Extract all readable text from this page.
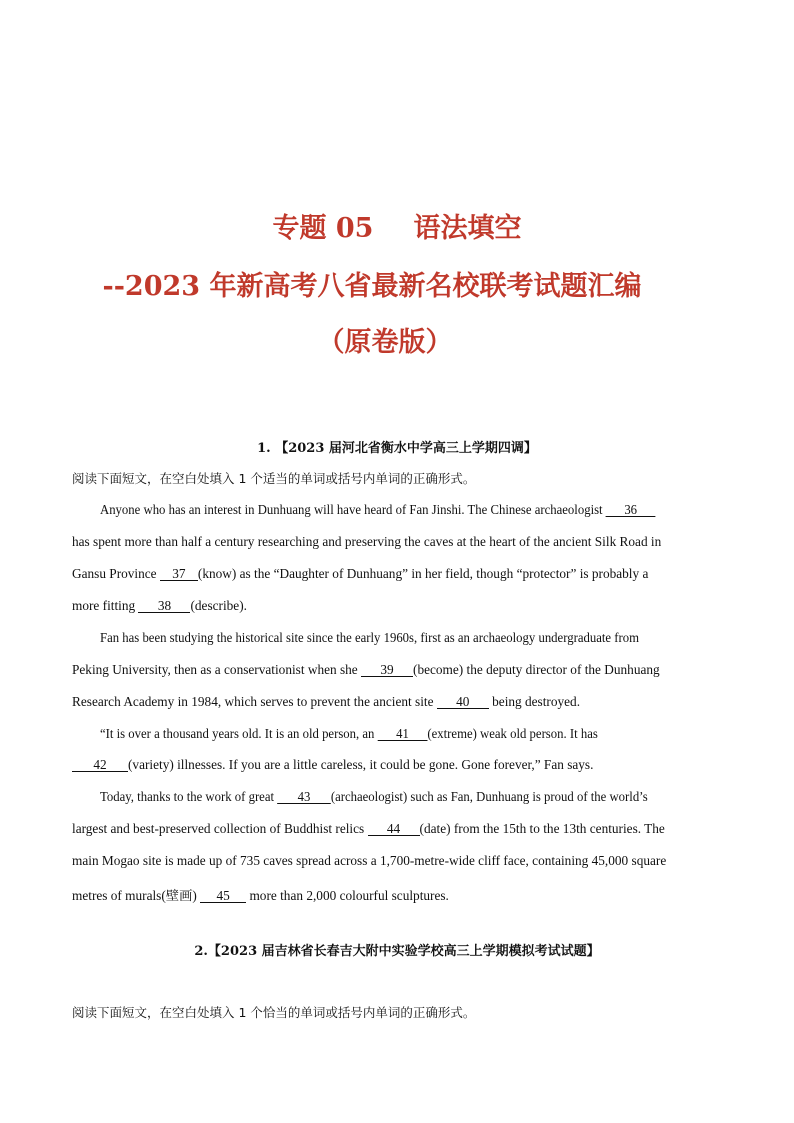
专题 05 语法填空
--2023 年新高考八省最新名校联考试题汇编
（原卷版）
1. 【2023 届河北省衡水中学高三上学期四调】
阅读下面短文，在空白处填入 1 个适当的单词或括号内单词的正确形式。
Anyone who has an interest in Dunhuang will have heard of Fan Jinshi. The Chinese archaeologist 36
has spent more than half a century researching and preserving the caves at the heart of the ancient Silk Road in
Gansu Province 37 (know) as the “Daughter of Dunhuang” in her field, though “protector” is probably a
more fitting 38 (describe).
Fan has been studying the historical site since the early 1960s, first as an archaeology undergraduate from
Peking University, then as a conservationist when she 39 (become) the deputy director of the Dunhuang
Research Academy in 1984, which serves to prevent the ancient site 40 being destroyed.
“It is over a thousand years old. It is an old person, an 41 (extreme) weak old person. It has
42 (variety) illnesses. If you are a little careless, it could be gone. Gone forever,” Fan says.
Today, thanks to the work of great 43 (archaeologist) such as Fan, Dunhuang is proud of the world’s
largest and best-preserved collection of Buddhist relics 44 (date) from the 15th to the 13th centuries. The
main Mogao site is made up of 735 caves spread across a 1,700-metre-wide cliff face, containing 45,000 square
metres of murals(壁画) 45 more than 2,000 colourful sculptures.
2.【2023 届吉林省长春吉大附中实验学校高三上学期模拟考试试题】
阅读下面短文，在空白处填入 1 个恰当的单词或括号内单词的正确形式。
